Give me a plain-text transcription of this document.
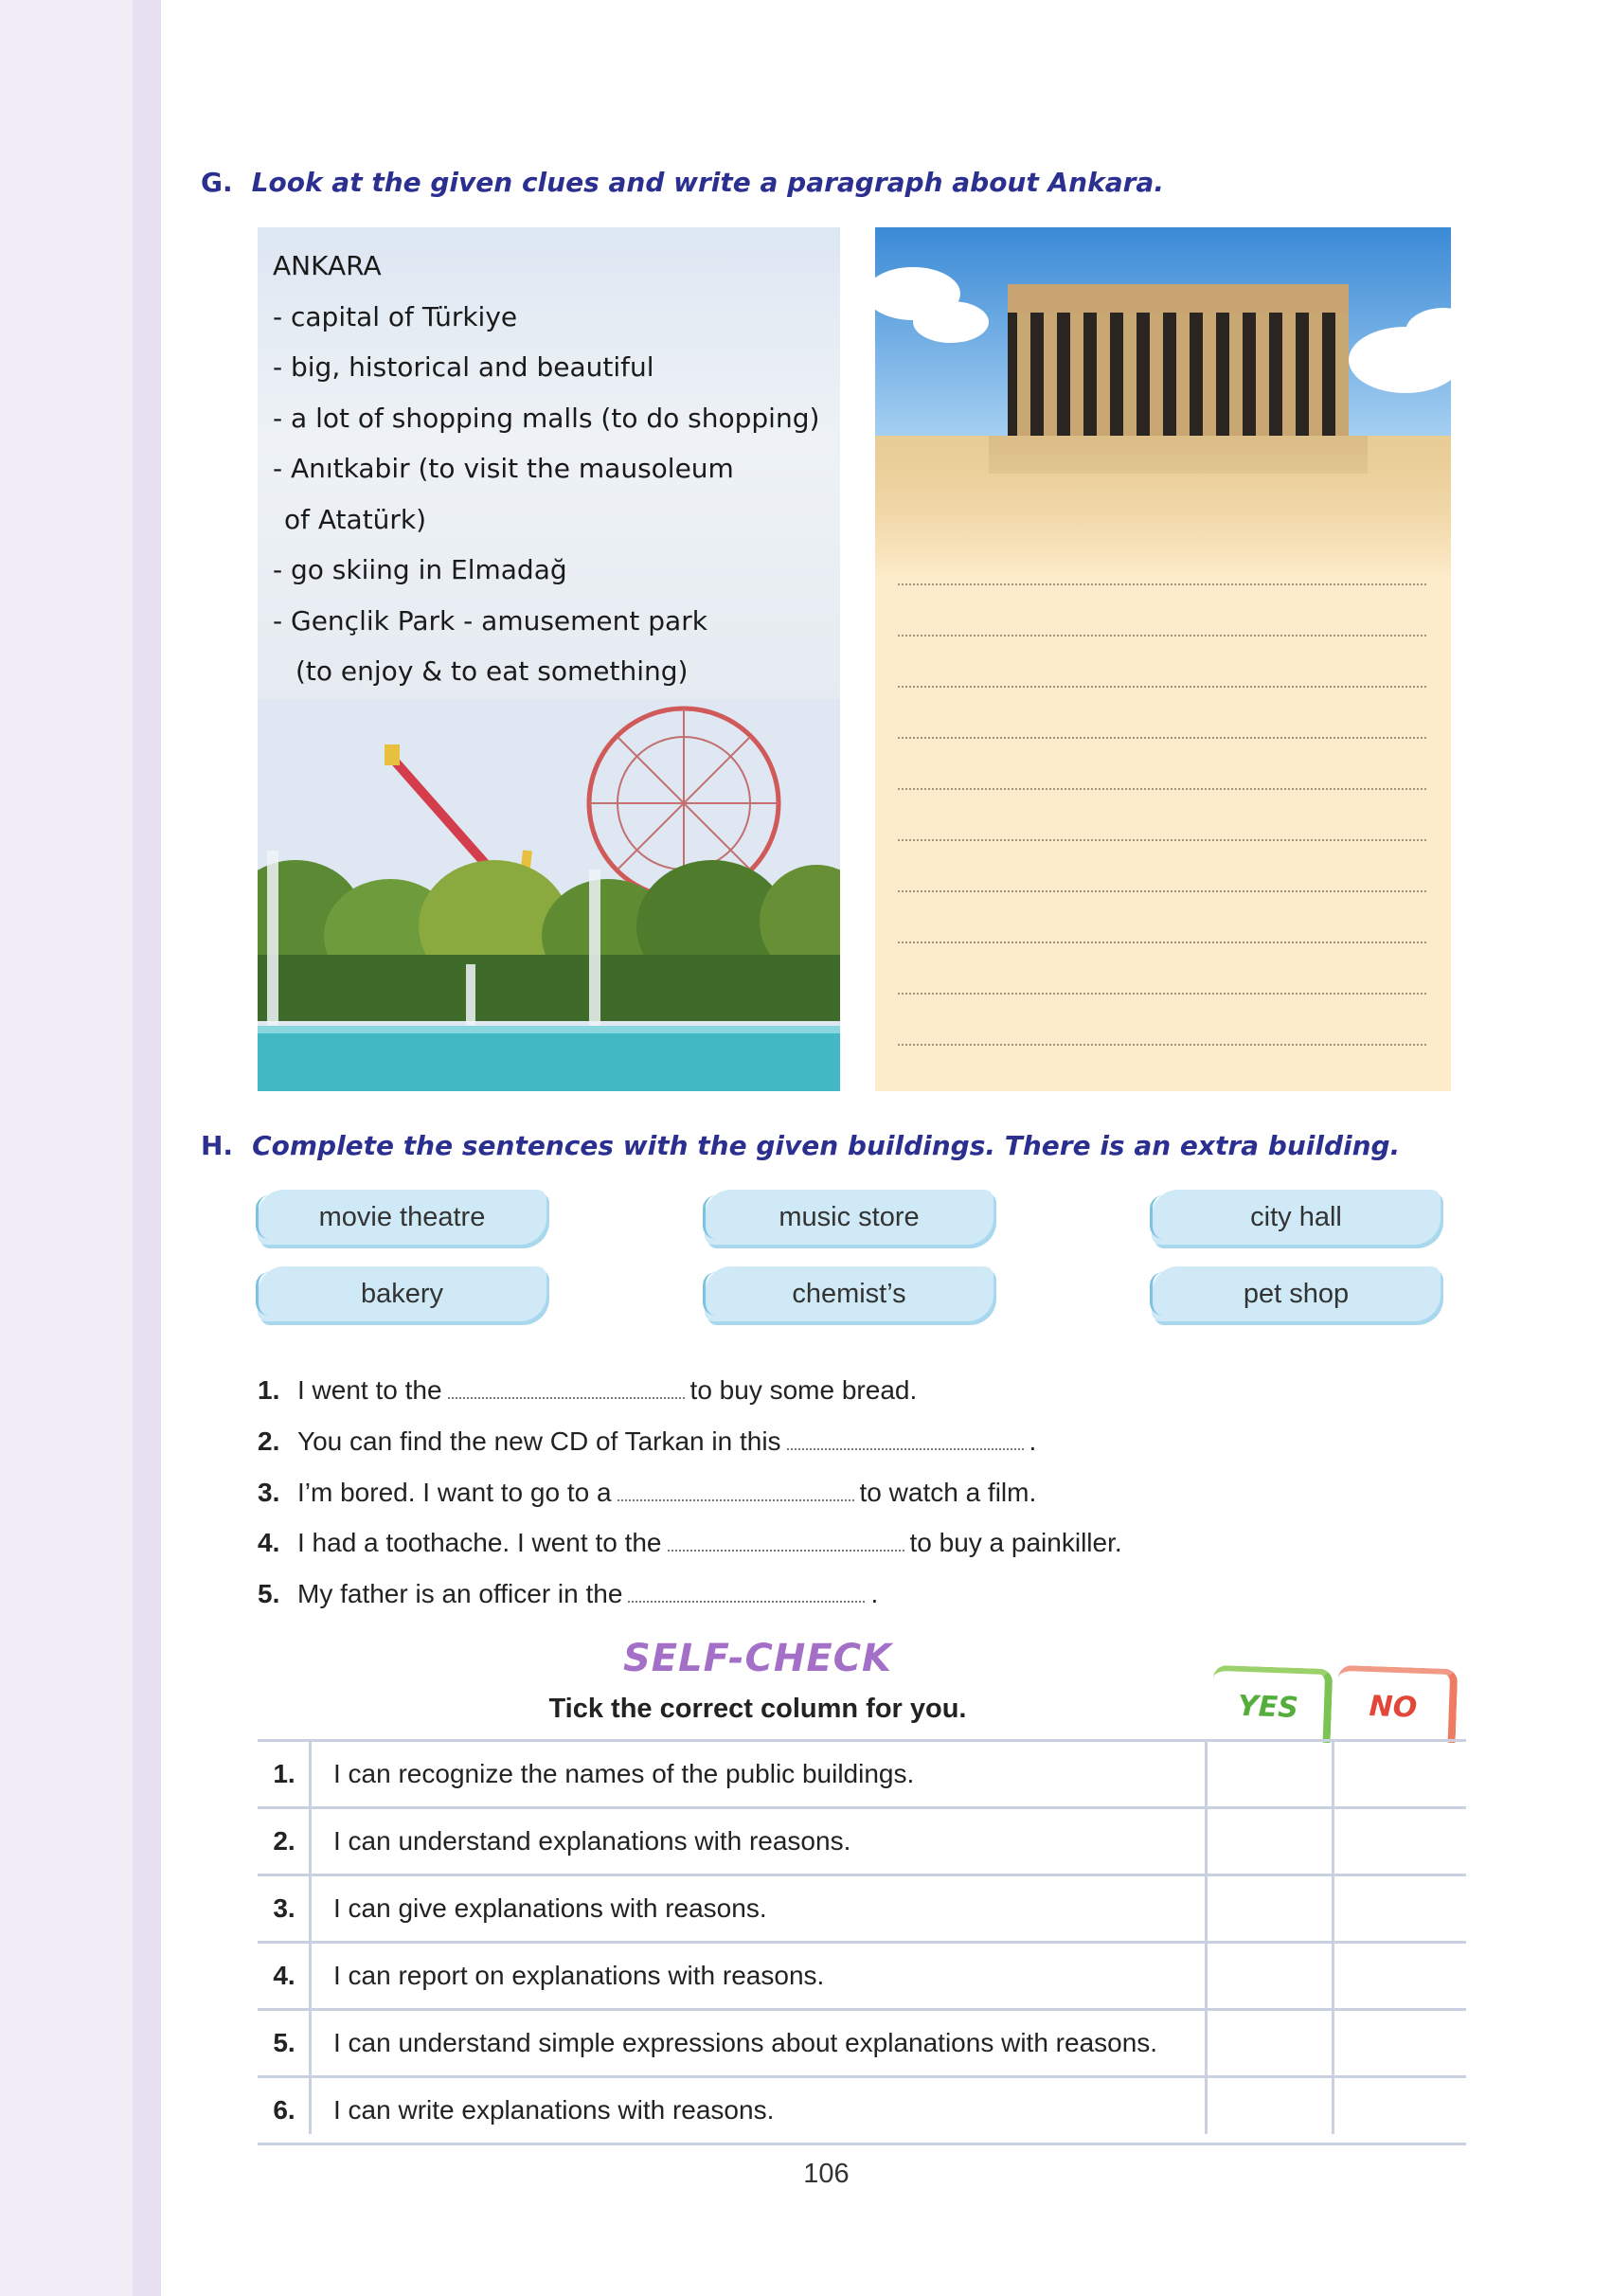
G. Look at the given clues and write a paragraph about Ankara.
ANKARA
- capital of Türkiye
- big, historical and beautiful
- a lot of shopping malls (to do shopping)
- Anıtkabir (to visit the mausoleum
of Atatürk)
- go skiing in Elmadağ
- Gençlik Park - amusement park
(to enjoy & to eat something)
H. Complete the sentences with the given buildings. There is an extra building.
movie theatre	music store	city hall
bakery	chemist’s	pet shop
1. I went to the	to buy some bread.
2. You can find the new CD of Tarkan in this	.
3. I’m bored. I want to go to a	to watch a film.
4. I had a toothache. I went to the	to buy a painkiller.
5. My father is an officer in the	.
SELF-CHECK
Tick the correct column for you.	YES	NO
1.	I can recognize the names of the public buildings.
2.	I can understand explanations with reasons.
3.	I can give explanations with reasons.
4.	I can report on explanations with reasons.
5.	I can understand simple expressions about explanations with reasons.
6.	I can write explanations with reasons.
106
